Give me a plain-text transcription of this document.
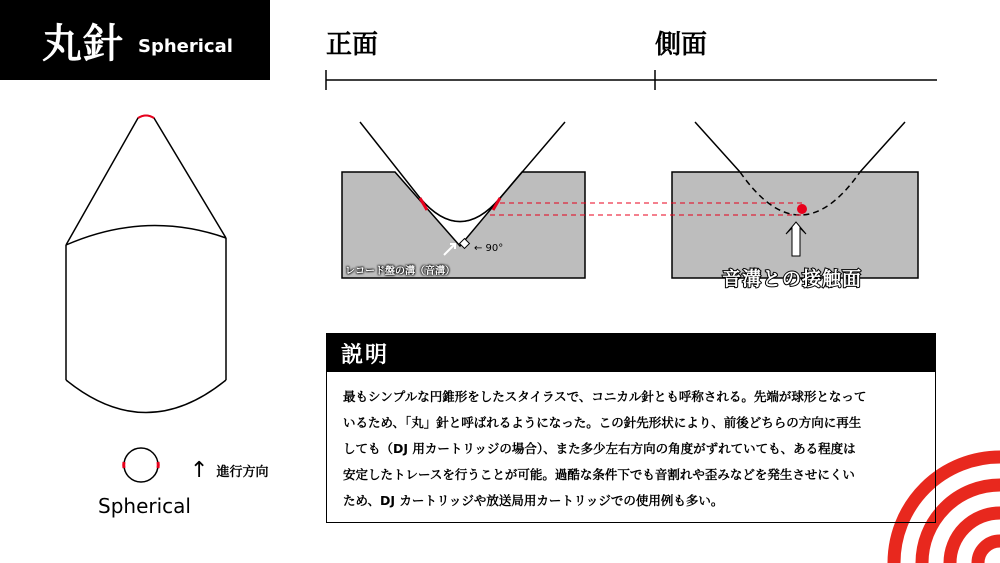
丸針 Spherical	正面	側面
レコード盤の溝（音溝）
← 90°
音溝との接触面
Spherical
↑ 進行方向
説明
最もシンプルな円錐形をしたスタイラスで、コニカル針とも呼称される。先端が球形となって
いるため、「丸」針と呼ばれるようになった。この針先形状により、前後どちらの方向に再生
しても（DJ 用カートリッジの場合）、また多少左右方向の角度がずれていても、ある程度は
安定したトレースを行うことが可能。過酷な条件下でも音割れや歪みなどを発生させにくい
ため、DJ カートリッジや放送局用カートリッジでの使用例も多い。
